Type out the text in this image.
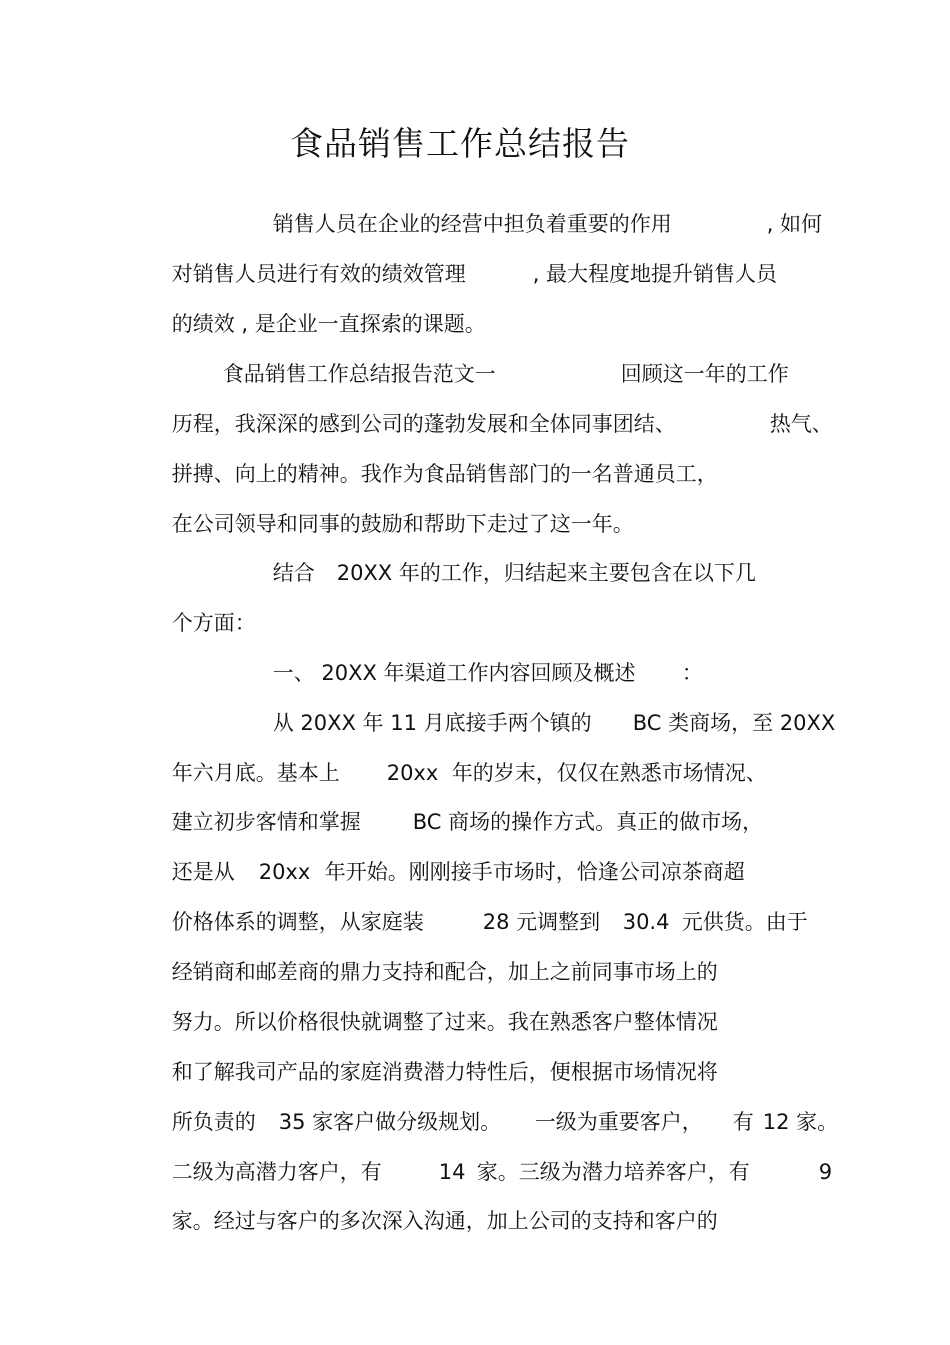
食品销售工作总结报告

销售人员在企业的经营中担负着重要的作用
	, 如何

对销售人员进行有效的绩效管理
	, 最大程度地提升销售人员

的绩效 , 是企业一直探索的课题。

食品销售工作总结报告范文一
	回顾这一年的工作

历程，我深深的感到公司的蓬勃发展和全体同事团结、
	热气、

拼搏、向上的精神。我作为食品销售部门的一名普通员工，

在公司领导和同事的鼓励和帮助下走过了这一年。

结合
	20XX 年的工作，归结起来主要包含在以下几

个方面：

一、 20XX 年渠道工作内容回顾及概述
	：

从 20XX 年 11 月底接手两个镇的
	BC 类商场，至 20XX

年六月底。基本上
	20xx
年的岁末，仅仅在熟悉市场情况、

建立初步客情和掌握
	BC 商场的操作方式。真正的做市场，

还是从
	20xx
年开始。刚刚接手市场时，恰逢公司凉茶商超

价格体系的调整，从家庭装
	28 元调整到
	30.4
元供货。由于

经销商和邮差商的鼎力支持和配合，加上之前同事市场上的

努力。所以价格很快就调整了过来。我在熟悉客户整体情况

和了解我司产品的家庭消费潜力特性后，便根据市场情况将

所负责的
	35 家客户做分级规划。
	一级为重要客户，
	有
12 家。

二级为高潜力客户，有
	14
家。三级为潜力培养客户，有
	9

家。经过与客户的多次深入沟通，加上公司的支持和客户的
